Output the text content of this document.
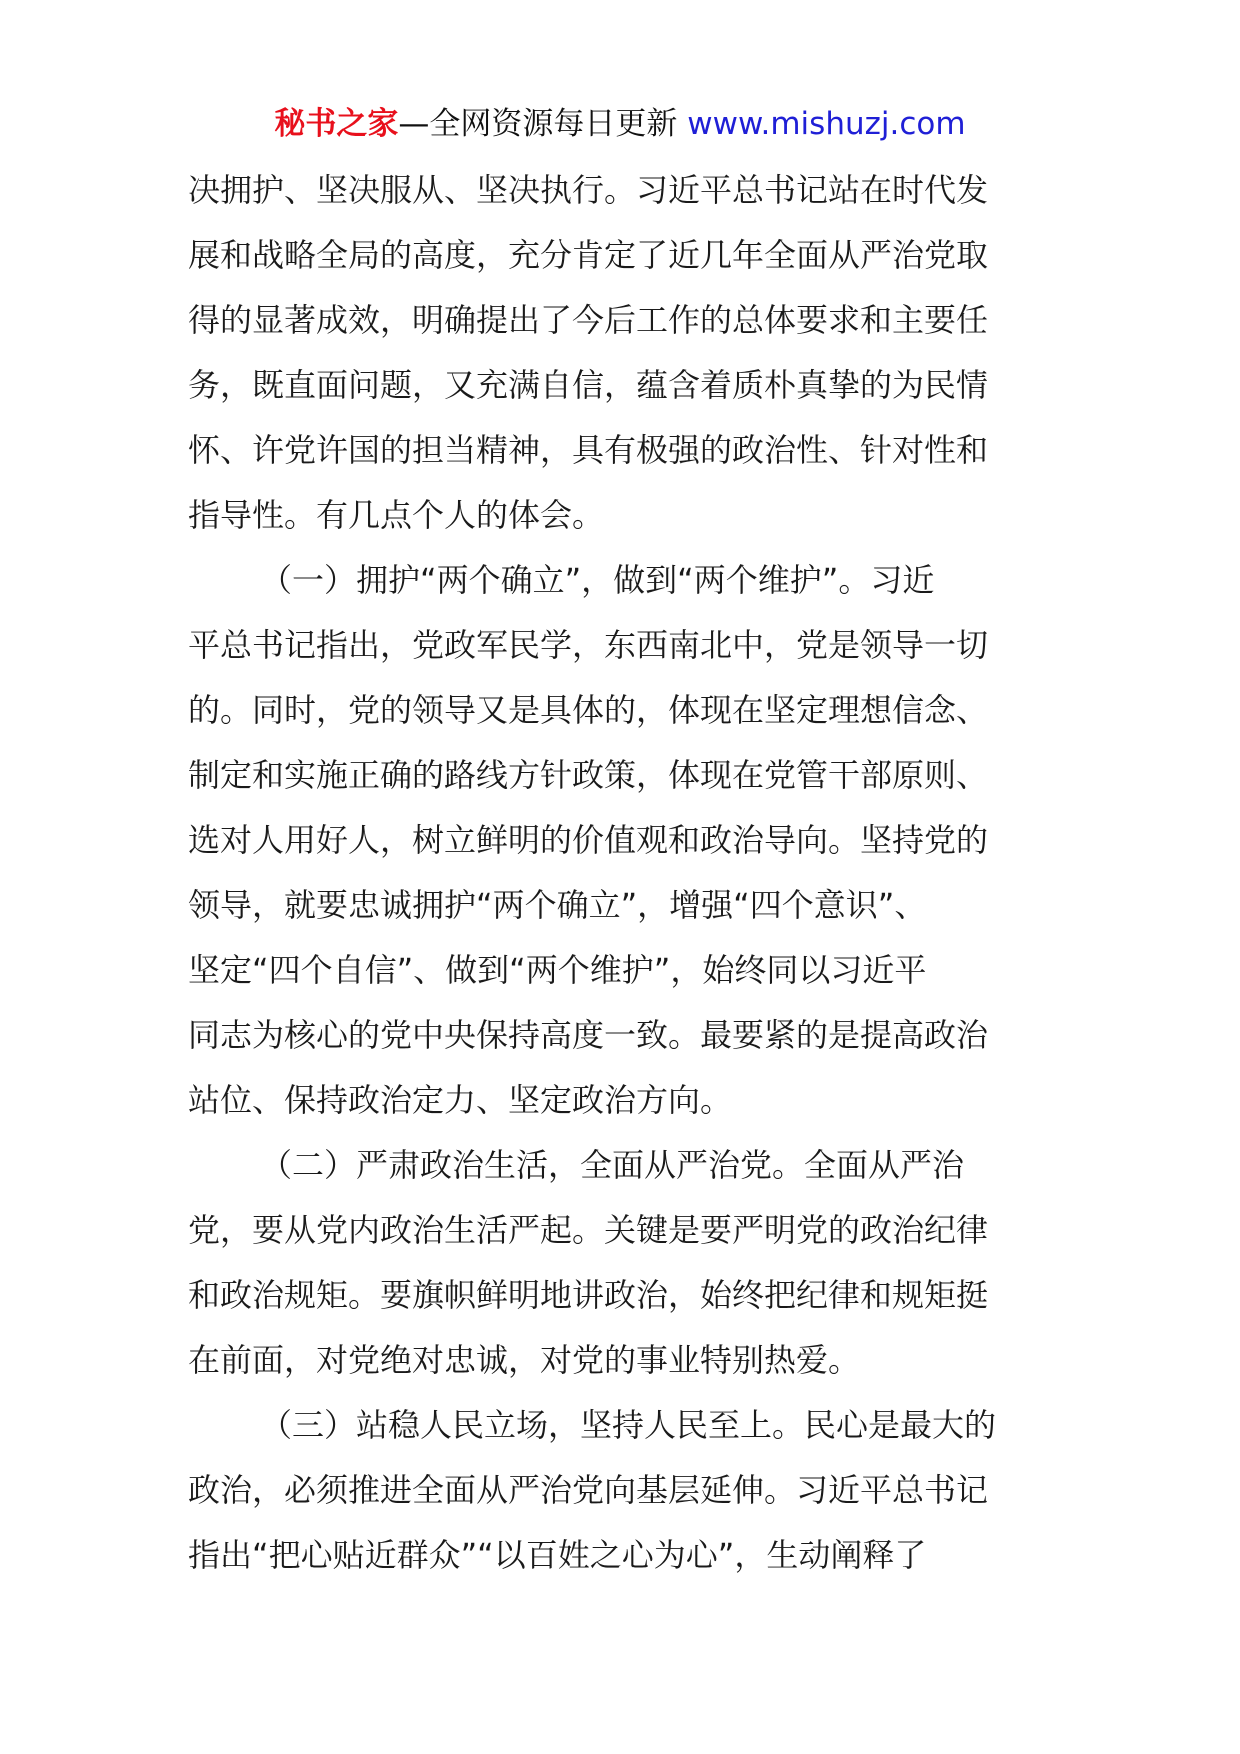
秘书之家—全网资源每日更新 www.mishuzj.com
决拥护、坚决服从、坚决执行。习近平总书记站在时代发
展和战略全局的高度，充分肯定了近几年全面从严治党取
得的显著成效，明确提出了今后工作的总体要求和主要任
务，既直面问题，又充满自信，蕴含着质朴真挚的为民情
怀、许党许国的担当精神，具有极强的政治性、针对性和
指导性。有几点个人的体会。
（一）拥护“两个确立”，做到“两个维护”。习近
平总书记指出，党政军民学，东西南北中，党是领导一切
的。同时，党的领导又是具体的，体现在坚定理想信念、
制定和实施正确的路线方针政策，体现在党管干部原则、
选对人用好人，树立鲜明的价值观和政治导向。坚持党的
领导，就要忠诚拥护“两个确立”，增强“四个意识”、
坚定“四个自信”、做到“两个维护”，始终同以习近平
同志为核心的党中央保持高度一致。最要紧的是提高政治
站位、保持政治定力、坚定政治方向。
（二）严肃政治生活，全面从严治党。全面从严治
党，要从党内政治生活严起。关键是要严明党的政治纪律
和政治规矩。要旗帜鲜明地讲政治，始终把纪律和规矩挺
在前面，对党绝对忠诚，对党的事业特别热爱。
（三）站稳人民立场，坚持人民至上。民心是最大的
政治，必须推进全面从严治党向基层延伸。习近平总书记
指出“把心贴近群众”“以百姓之心为心”，生动阐释了
